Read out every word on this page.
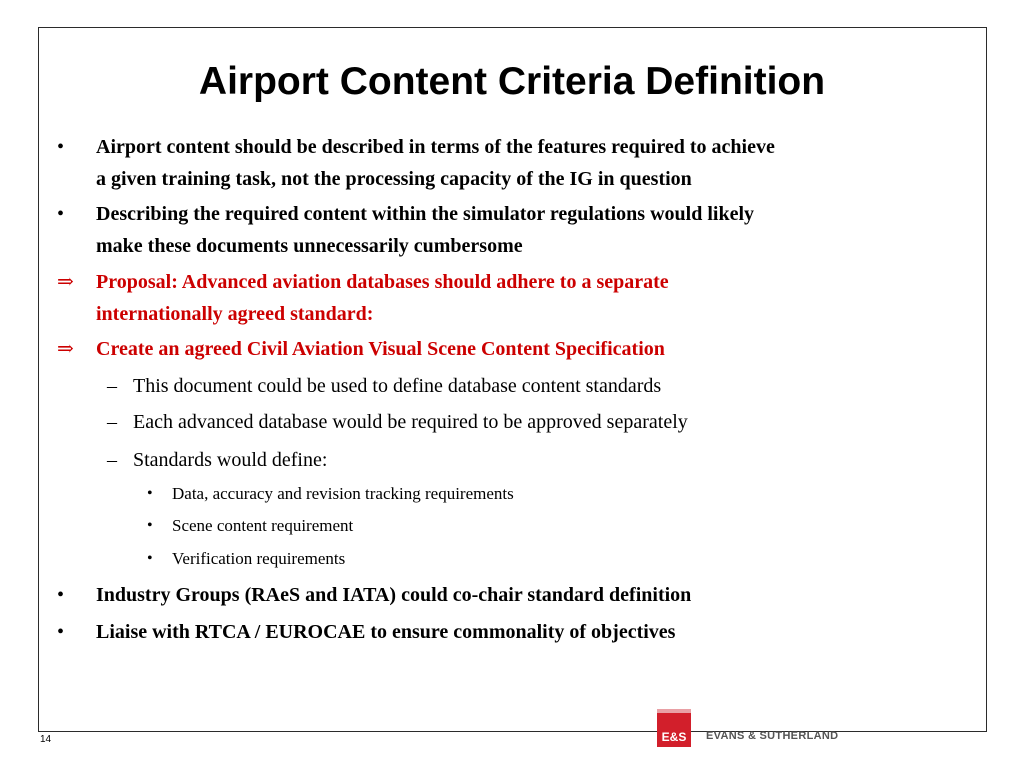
Airport Content Criteria Definition
• Airport content should be described in terms of the features required to achieve
a given training task, not the processing capacity of the IG in question
• Describing the required content within the simulator regulations would likely
make these documents unnecessarily cumbersome
⇒ Proposal: Advanced aviation databases should adhere to a separate
internationally agreed standard:
⇒ Create an agreed Civil Aviation Visual Scene Content Specification
– This document could be used to define database content standards
– Each advanced database would be required to be approved separately
– Standards would define:
• Data, accuracy and revision tracking requirements
• Scene content requirement
• Verification requirements
• Industry Groups (RAeS and IATA) could co-chair standard definition
• Liaise with RTCA / EUROCAE to ensure commonality of objectives
14	E&S	EVANS & SUTHERLAND
